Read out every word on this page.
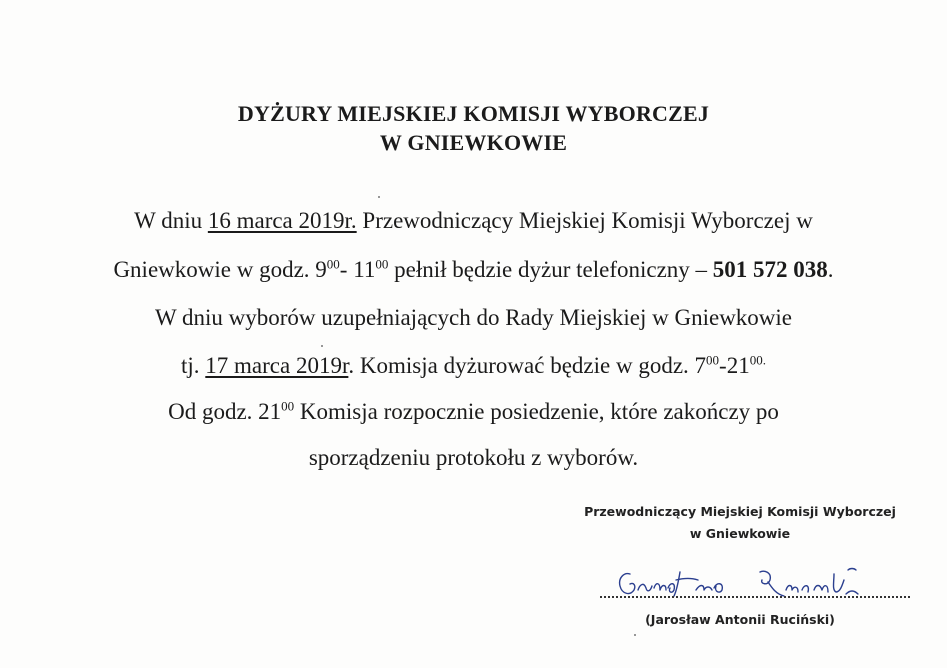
DYŻURY MIEJSKIEJ KOMISJI WYBORCZEJ
W GNIEWKOWIE
W dniu 16 marca 2019r. Przewodniczący Miejskiej Komisji Wyborczej w
Gniewkowie w godz. $9^{00}-$ $11^{00}$ pełnił będzie dyżur telefoniczny – 501 572 038.
W dniu wyborów uzupełniających do Rady Miejskiej w Gniewkowie
tj. 17 marca 2019r. Komisja dyżurować będzie w godz. $7^{00}-21^{00.}$
Od godz. $21^{00}$ Komisja rozpocznie posiedzenie, które zakończy po
sporządzeniu protokołu z wyborów.
Przewodniczący Miejskiej Komisji Wyborczej
w Gniewkowie
(Jarosław Antonii Ruciński)
